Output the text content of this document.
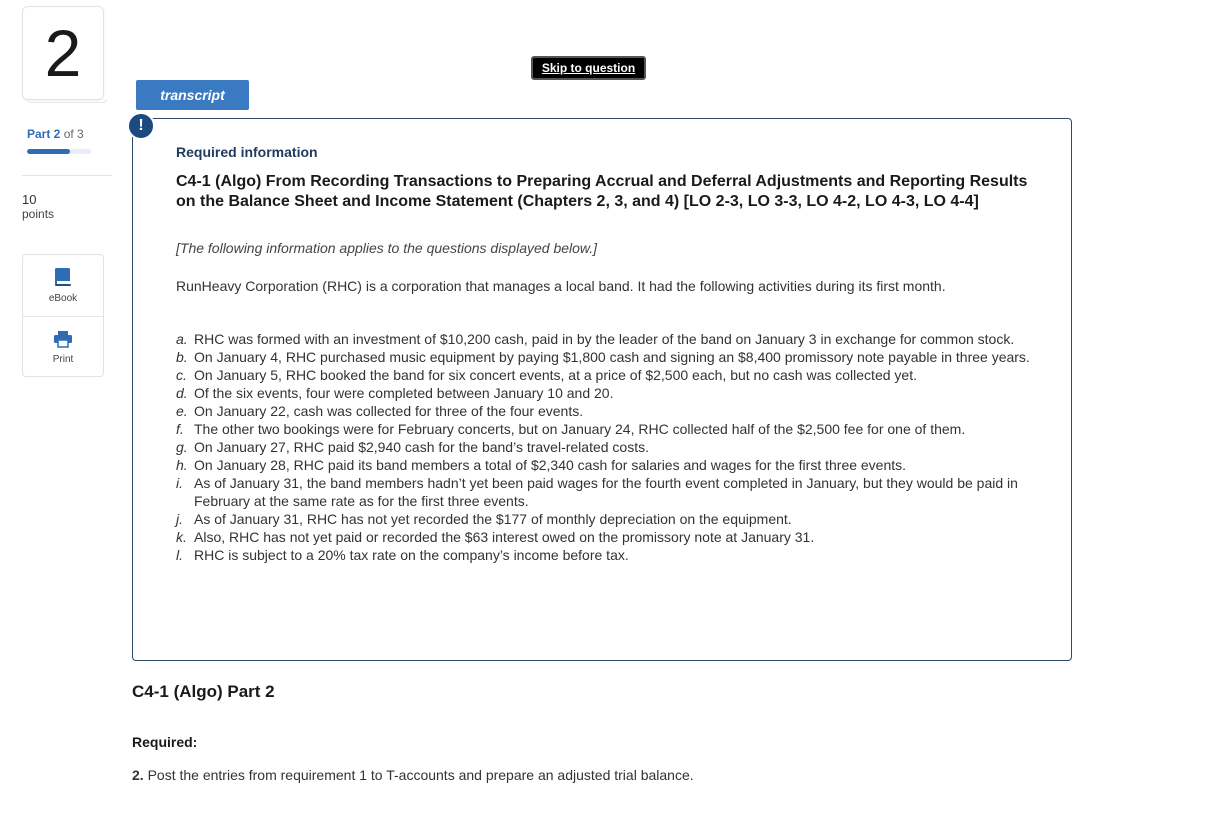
2
Part 2 of 3
10
points
eBook
Print
Skip to question
transcript
!
Required information
C4-1 (Algo) From Recording Transactions to Preparing Accrual and Deferral Adjustments and Reporting Results on the Balance Sheet and Income Statement (Chapters 2, 3, and 4) [LO 2-3, LO 3-3, LO 4-2, LO 4-3, LO 4-4]
[The following information applies to the questions displayed below.]
RunHeavy Corporation (RHC) is a corporation that manages a local band. It had the following activities during its first month.
a. RHC was formed with an investment of $10,200 cash, paid in by the leader of the band on January 3 in exchange for common stock.
b. On January 4, RHC purchased music equipment by paying $1,800 cash and signing an $8,400 promissory note payable in three years.
c. On January 5, RHC booked the band for six concert events, at a price of $2,500 each, but no cash was collected yet.
d. Of the six events, four were completed between January 10 and 20.
e. On January 22, cash was collected for three of the four events.
f. The other two bookings were for February concerts, but on January 24, RHC collected half of the $2,500 fee for one of them.
g. On January 27, RHC paid $2,940 cash for the band’s travel-related costs.
h. On January 28, RHC paid its band members a total of $2,340 cash for salaries and wages for the first three events.
i. As of January 31, the band members hadn’t yet been paid wages for the fourth event completed in January, but they would be paid in February at the same rate as for the first three events.
j. As of January 31, RHC has not yet recorded the $177 of monthly depreciation on the equipment.
k. Also, RHC has not yet paid or recorded the $63 interest owed on the promissory note at January 31.
l. RHC is subject to a 20% tax rate on the company’s income before tax.
C4-1 (Algo) Part 2
Required:
2. Post the entries from requirement 1 to T-accounts and prepare an adjusted trial balance.
